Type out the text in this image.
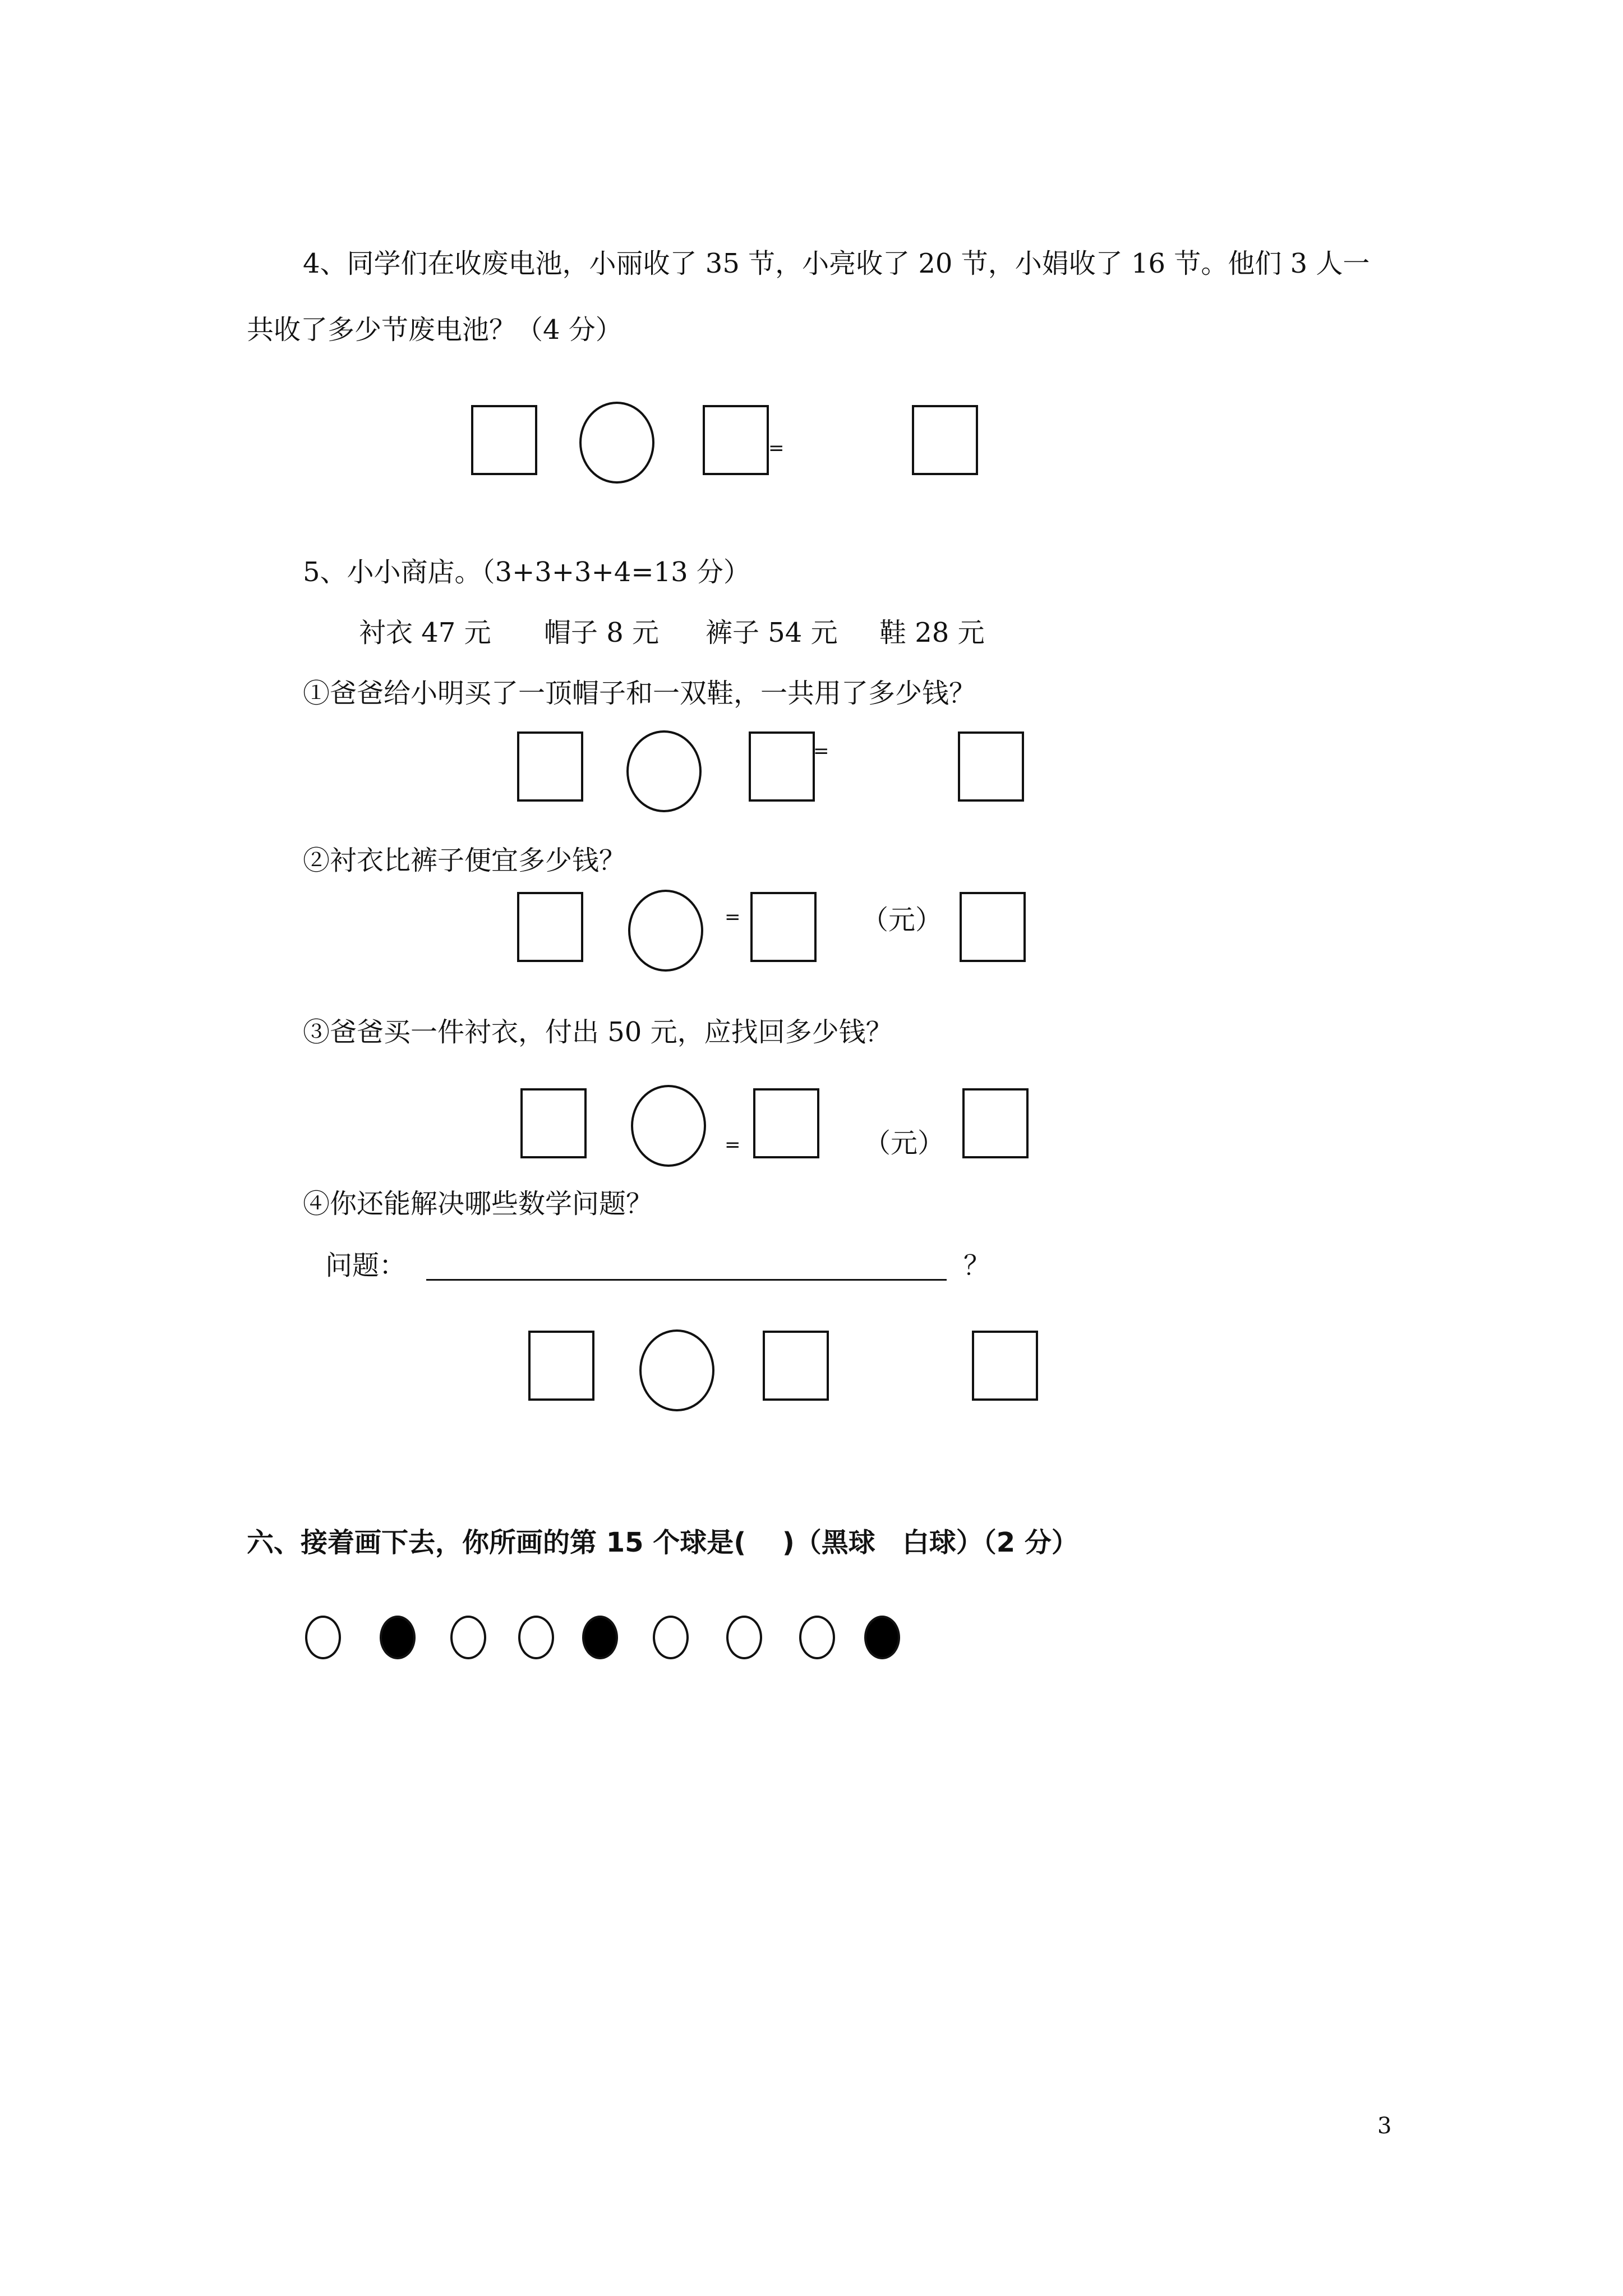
4、同学们在收废电池，小丽收了 35 节，小亮收了 20 节，小娟收了 16 节。他们 3 人一
共收了多少节废电池？（4 分）
=
5、小小商店。（3+3+3+4=13 分）
衬衣 47 元 帽子 8 元 裤子 54 元 鞋 28 元
①爸爸给小明买了一顶帽子和一双鞋，一共用了多少钱？
=
②衬衣比裤子便宜多少钱？
=	（元）
③爸爸买一件衬衣，付出 50 元，应找回多少钱？
=	（元）
④你还能解决哪些数学问题？
问题：	？
六、接着画下去，你所画的第 15 个球是(　 )（黑球　白球）（2 分）
3
